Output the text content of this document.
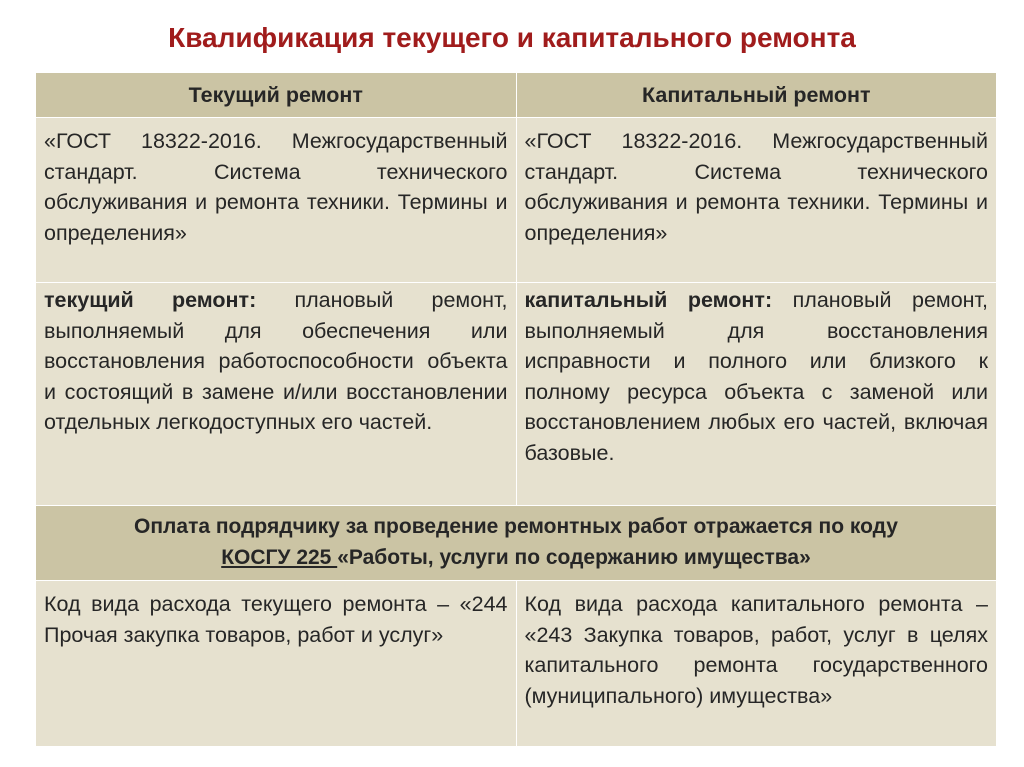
Квалификация текущего и капитального ремонта
Текущий ремонт	Капитальный ремонт
«ГОСТ 18322-2016. Межгосударственный стандарт. Система технического обслуживания и ремонта техники. Термины и определения»	«ГОСТ 18322-2016. Межгосударственный стандарт. Система технического обслуживания и ремонта техники. Термины и определения»
текущий ремонт: плановый ремонт, выполняемый для обеспечения или восстановления работоспособности объекта и состоящий в замене и/или восстановлении отдельных легкодоступных его частей.	капитальный ремонт: плановый ремонт, выполняемый для восстановления исправности и полного или близкого к полному ресурса объекта с заменой или восстановлением любых его частей, включая базовые.
Оплата подрядчику за проведение ремонтных работ отражается по коду
КОСГУ 225 «Работы, услуги по содержанию имущества»	
Код вида расхода текущего ремонта – «244 Прочая закупка товаров, работ и услуг»	Код вида расхода капитального ремонта – «243 Закупка товаров, работ, услуг в целях капитального ремонта государственного (муниципального) имущества»
